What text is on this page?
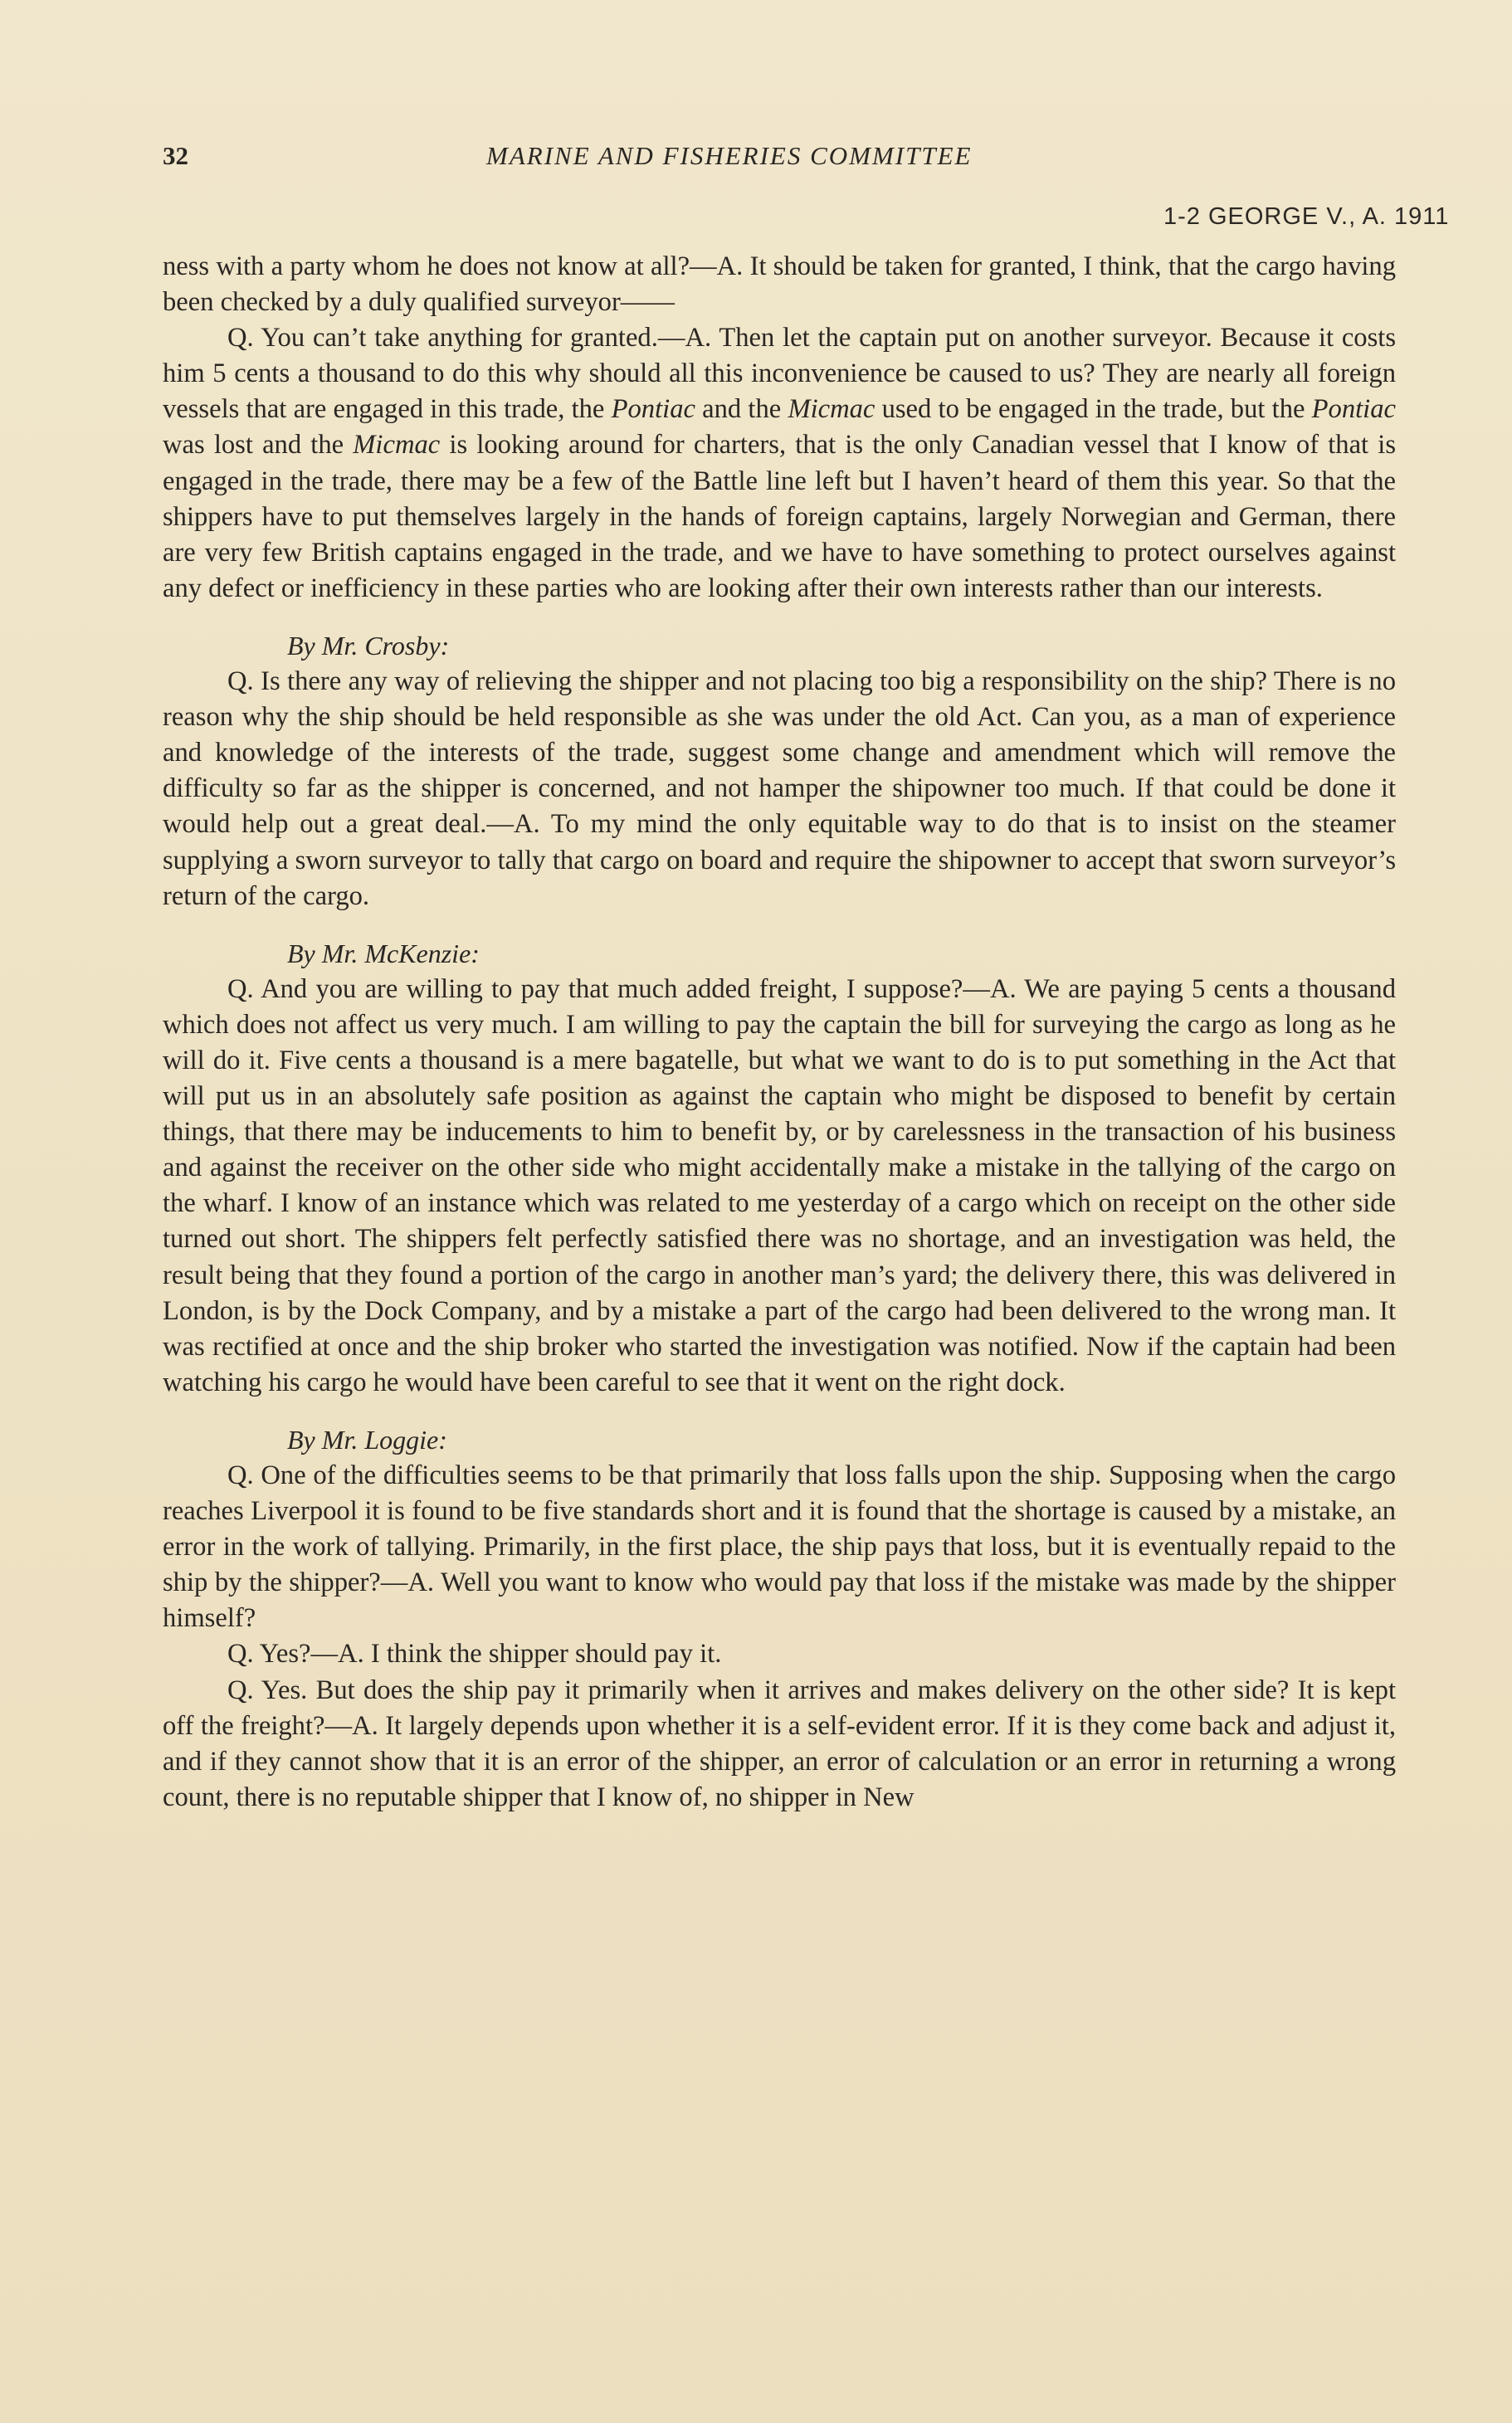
32	MARINE AND FISHERIES COMMITTEE
1-2 GEORGE V., A. 1911

ness with a party whom he does not know at all?—A. It should be taken for granted, I think, that the cargo having been checked by a duly qualified surveyor——

Q. You can’t take anything for granted.—A. Then let the captain put on another surveyor. Because it costs him 5 cents a thousand to do this why should all this inconvenience be caused to us? They are nearly all foreign vessels that are engaged in this trade, the Pontiac and the Micmac used to be engaged in the trade, but the Pontiac was lost and the Micmac is looking around for charters, that is the only Canadian vessel that I know of that is engaged in the trade, there may be a few of the Battle line left but I haven’t heard of them this year. So that the shippers have to put themselves largely in the hands of foreign captains, largely Norwegian and German, there are very few British captains engaged in the trade, and we have to have something to protect ourselves against any defect or inefficiency in these parties who are looking after their own interests rather than our interests.

By Mr. Crosby:

Q. Is there any way of relieving the shipper and not placing too big a responsibility on the ship? There is no reason why the ship should be held responsible as she was under the old Act. Can you, as a man of experience and knowledge of the interests of the trade, suggest some change and amendment which will remove the difficulty so far as the shipper is concerned, and not hamper the shipowner too much. If that could be done it would help out a great deal.—A. To my mind the only equitable way to do that is to insist on the steamer supplying a sworn surveyor to tally that cargo on board and require the shipowner to accept that sworn surveyor’s return of the cargo.

By Mr. McKenzie:

Q. And you are willing to pay that much added freight, I suppose?—A. We are paying 5 cents a thousand which does not affect us very much. I am willing to pay the captain the bill for surveying the cargo as long as he will do it. Five cents a thousand is a mere bagatelle, but what we want to do is to put something in the Act that will put us in an absolutely safe position as against the captain who might be disposed to benefit by certain things, that there may be inducements to him to benefit by, or by carelessness in the transaction of his business and against the receiver on the other side who might accidentally make a mistake in the tallying of the cargo on the wharf. I know of an instance which was related to me yesterday of a cargo which on receipt on the other side turned out short. The shippers felt perfectly satisfied there was no shortage, and an investigation was held, the result being that they found a portion of the cargo in another man’s yard; the delivery there, this was delivered in London, is by the Dock Company, and by a mistake a part of the cargo had been delivered to the wrong man. It was rectified at once and the ship broker who started the investigation was notified. Now if the captain had been watching his cargo he would have been careful to see that it went on the right dock.

By Mr. Loggie:

Q. One of the difficulties seems to be that primarily that loss falls upon the ship. Supposing when the cargo reaches Liverpool it is found to be five standards short and it is found that the shortage is caused by a mistake, an error in the work of tallying. Primarily, in the first place, the ship pays that loss, but it is eventually repaid to the ship by the shipper?—A. Well you want to know who would pay that loss if the mistake was made by the shipper himself?

Q. Yes?—A. I think the shipper should pay it.

Q. Yes. But does the ship pay it primarily when it arrives and makes delivery on the other side? It is kept off the freight?—A. It largely depends upon whether it is a self-evident error. If it is they come back and adjust it, and if they cannot show that it is an error of the shipper, an error of calculation or an error in returning a wrong count, there is no reputable shipper that I know of, no shipper in New
